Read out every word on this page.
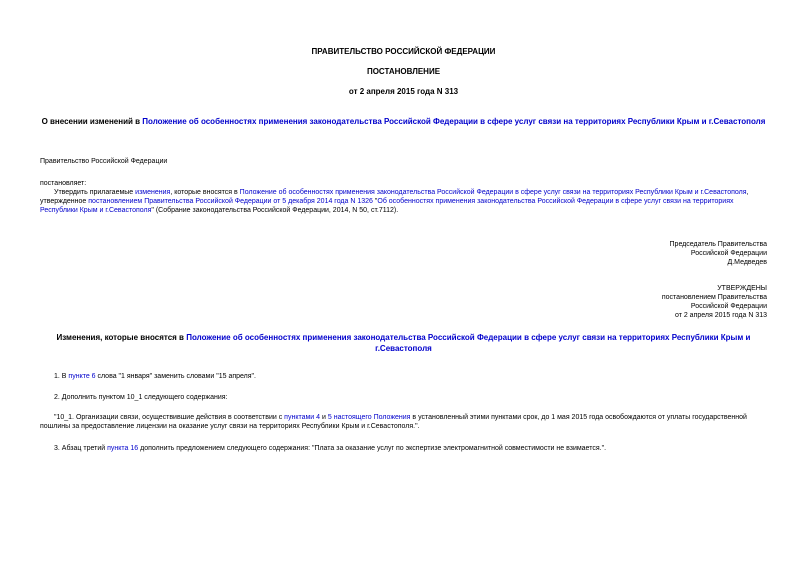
ПРАВИТЕЛЬСТВО РОССИЙСКОЙ ФЕДЕРАЦИИ
ПОСТАНОВЛЕНИЕ
от 2 апреля 2015 года N 313
О внесении изменений в Положение об особенностях применения законодательства Российской Федерации в сфере услуг связи на территориях Республики Крым и г.Севастополя
Правительство Российской Федерации
постановляет:
Утвердить прилагаемые изменения, которые вносятся в Положение об особенностях применения законодательства Российской Федерации в сфере услуг связи на территориях Республики Крым и г.Севастополя, утвержденное постановлением Правительства Российской Федерации от 5 декабря 2014 года N 1326 "Об особенностях применения законодательства Российской Федерации в сфере услуг связи на территориях Республики Крым и г.Севастополя" (Собрание законодательства Российской Федерации, 2014, N 50, ст.7112).
Председатель Правительства
Российской Федерации
Д.Медведев
УТВЕРЖДЕНЫ
постановлением Правительства
Российской Федерации
от 2 апреля 2015 года N 313
Изменения, которые вносятся в Положение об особенностях применения законодательства Российской Федерации в сфере услуг связи на территориях Республики Крым и г.Севастополя
1. В пункте 6 слова "1 января" заменить словами "15 апреля".
2. Дополнить пунктом 10_1 следующего содержания:
"10_1. Организации связи, осуществившие действия в соответствии с пунктами 4 и 5 настоящего Положения в установленный этими пунктами срок, до 1 мая 2015 года освобождаются от уплаты государственной пошлины за предоставление лицензии на оказание услуг связи на территориях Республики Крым и г.Севастополя.".
3. Абзац третий пункта 16 дополнить предложением следующего содержания: "Плата за оказание услуг по экспертизе электромагнитной совместимости не взимается.".
